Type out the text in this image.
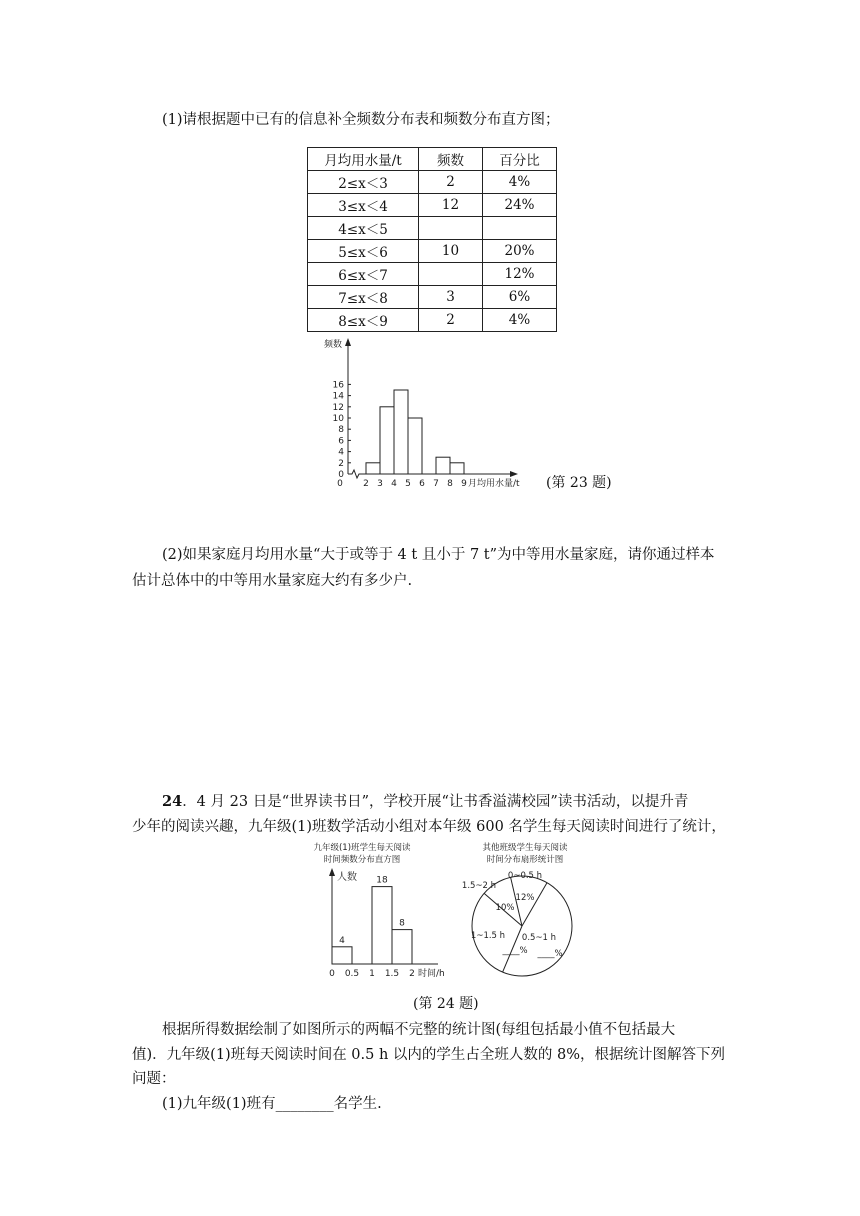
(1)请根据题中已有的信息补全频数分布表和频数分布直方图；
月均用水量/t	频数	百分比
2≤x＜3	2	4%
3≤x＜4	12	24%
4≤x＜5		
5≤x＜6	10	20%
6≤x＜7		12%
7≤x＜8	3	6%
8≤x＜9	2	4%
频数
0
2
4
6
8
10
12
14
16
0 2 3 4 5 6 7 8 9 月均用水量/t (第 23 题)
(2)如果家庭月均用水量“大于或等于 4 t 且小于 7 t”为中等用水量家庭，请你通过样本
估计总体中的中等用水量家庭大约有多少户.
24．4 月 23 日是“世界读书日”，学校开展“让书香溢满校园”读书活动，以提升青
少年的阅读兴趣，九年级(1)班数学活动小组对本年级 600 名学生每天阅读时间进行了统计，
九年级(1)班学生每天阅读
时间频数分布直方图
人数
0 0.5 1 1.5 2 时间/h
4
18
8
其他班级学生每天阅读
时间分布扇形统计图
0~0.5 h
12%
1.5~2 h
10%
1~1.5 h
____%
0.5~1 h
____%
(第 24 题)
根据所得数据绘制了如图所示的两幅不完整的统计图(每组包括最小值不包括最大
值)．九年级(1)班每天阅读时间在 0.5 h 以内的学生占全班人数的 8%，根据统计图解答下列
问题：
(1)九年级(1)班有________名学生.
